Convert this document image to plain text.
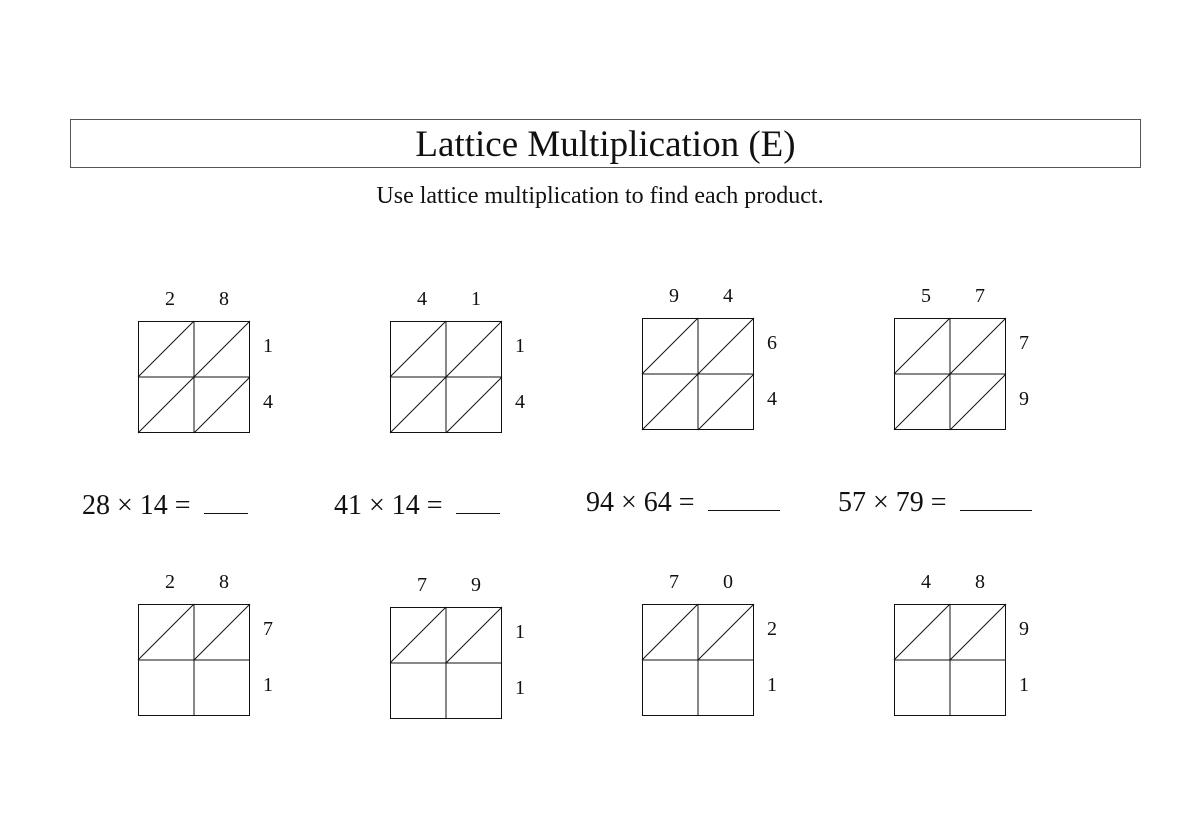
Lattice Multiplication (E)
Use lattice multiplication to find each product.
2 8
1
4
28 × 14 =
4 1
1
4
41 × 14 =
9 4
6
4
94 × 64 =
5 7
7
9
57 × 79 =
2 8
7
1
7 9
1
1
7 0
2
1
4 8
9
1
